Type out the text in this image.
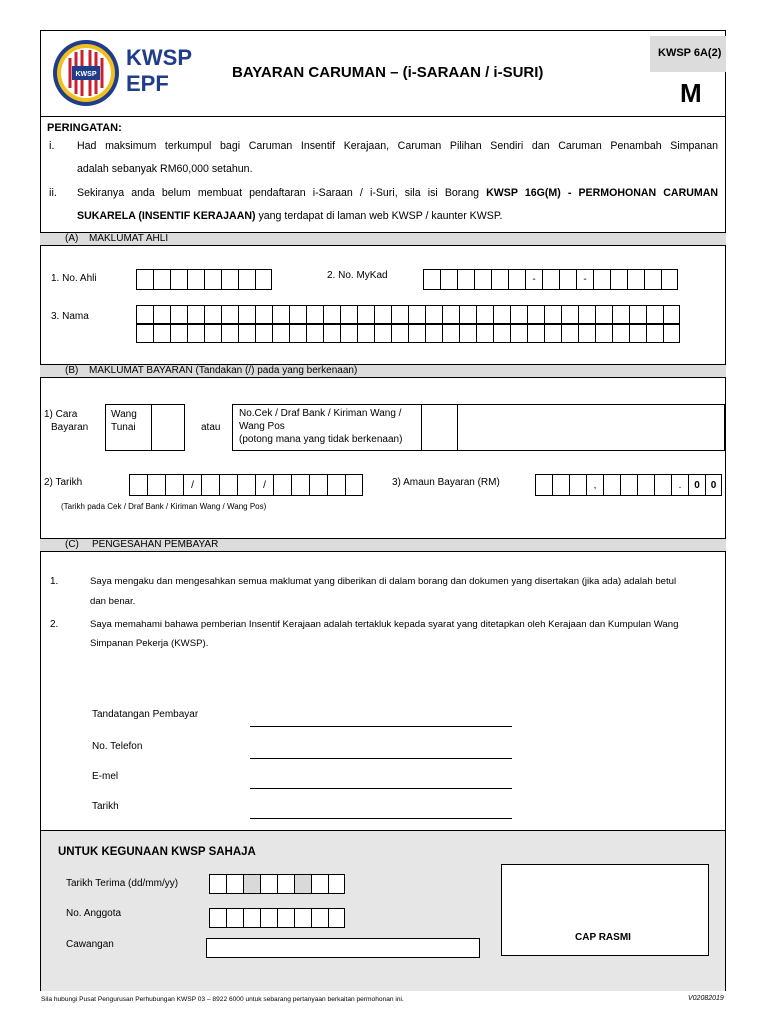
KWSP
KWSP
EPF	BAYARAN CARUMAN – (i-SARAAN / i-SURI)
KWSP 6A(2)
M
PERINGATAN:
i. Had maksimum terkumpul bagi Caruman Insentif Kerajaan, Caruman Pilihan Sendiri dan Caruman Penambah Simpanan
adalah sebanyak RM60,000 setahun.
ii. Sekiranya anda belum membuat pendaftaran i-Saraan / i-Suri, sila isi Borang KWSP 16G(M) - PERMOHONAN CARUMAN
SUKARELA (INSENTIF KERAJAAN) yang terdapat di laman web KWSP / kaunter KWSP.
(A) MAKLUMAT AHLI
1. No. Ahli	2. No. MyKad	-	-
3. Nama
(B) MAKLUMAT BAYARAN (Tandakan (/) pada yang berkenaan)
1) Cara
Bayaran
Wang
Tunai	atau
No.Cek / Draf Bank / Kiriman Wang /
Wang Pos
(potong mana yang tidak berkenaan)
2) Tarikh	/	/
(Tarikh pada Cek / Draf Bank / Kiriman Wang / Wang Pos)
3) Amaun Bayaran (RM)	,	.	0	0
(C) PENGESAHAN PEMBAYAR
1.	Saya mengaku dan mengesahkan semua maklumat yang diberikan di dalam borang dan dokumen yang disertakan (jika ada) adalah betul
dan benar.
2.	Saya memahami bahawa pemberian Insentif Kerajaan adalah tertakluk kepada syarat yang ditetapkan oleh Kerajaan dan Kumpulan Wang
Simpanan Pekerja (KWSP).
Tandatangan Pembayar
No. Telefon
E-mel
Tarikh
UNTUK KEGUNAAN KWSP SAHAJA
Tarikh Terima (dd/mm/yy)
No. Anggota
Cawangan
CAP RASMI
Sila hubungi Pusat Pengurusan Perhubungan KWSP 03 – 8922 6000 untuk sebarang pertanyaan berkaitan permohonan ini.	V02082019
